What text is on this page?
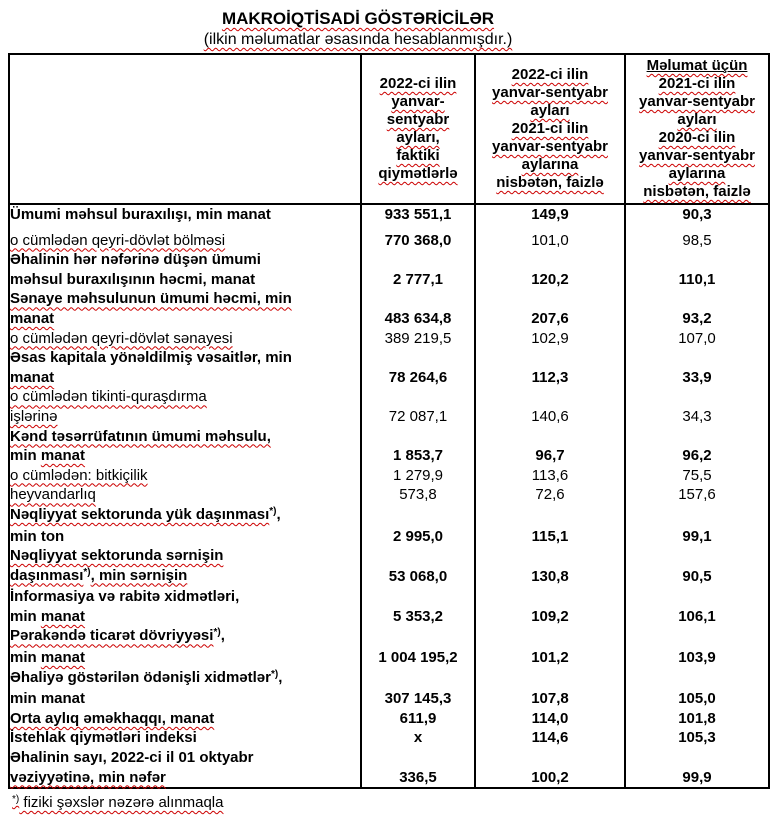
MAKROİQTİSADİ GÖSTƏRİCİLƏR
(ilkin məlumatlar əsasında hesablanmışdır.)

2022-ci ilin
yanvar-
sentyabr
ayları,
faktiki
qiymətlərlə

2022-ci ilin
yanvar-sentyabr
ayları
2021-ci ilin
yanvar-sentyabr
aylarına
nisbətən, faizlə

Məlumat üçün
2021-ci ilin
yanvar-sentyabr
ayları
2020-ci ilin
yanvar-sentyabr
aylarına
nisbətən, faizlə

Ümumi məhsul buraxılışı, min manat	933 551,1	149,9	90,3

o cümlədən qeyri-dövlət bölməsi	770 368,0	101,0	98,5
Əhalinin hər nəfərinə düşən ümumi			
məhsul buraxılışının həcmi, manat	2 777,1	120,2	110,1
Sənaye məhsulunun ümumi həcmi, min			
manat	483 634,8	207,6	93,2
o cümlədən qeyri-dövlət sənayesi	389 219,5	102,9	107,0
Əsas kapitala yönəldilmiş vəsaitlər, min			
manat	78 264,6	112,3	33,9
o cümlədən tikinti-quraşdırma			
işlərinə	72 087,1	140,6	34,3
Kənd təsərrüfatının ümumi məhsulu,			
min manat	1 853,7	96,7	96,2
o cümlədən: bitkiçilik	1 279,9	113,6	75,5
heyvandarlıq	573,8	72,6	157,6
Nəqliyyat sektorunda yük daşınması*),			
min ton	2 995,0	115,1	99,1
Nəqliyyat sektorunda sərnişin			
daşınması*), min sərnişin	53 068,0	130,8	90,5
İnformasiya və rabitə xidmətləri,			
min manat	5 353,2	109,2	106,1
Pərakəndə ticarət dövriyyəsi*),			
min manat	1 004 195,2	101,2	103,9
Əhaliyə göstərilən ödənişli xidmətlər*),			
min manat	307 145,3	107,8	105,0
Orta aylıq əməkhaqqı, manat	611,9	114,0	101,8
İstehlak qiymətləri indeksi	x	114,6	105,3
Əhalinin sayı, 2022-ci il 01 oktyabr			
vəziyyətinə, min nəfər	336,5	100,2	99,9
*) fiziki şəxslər nəzərə alınmaqla
